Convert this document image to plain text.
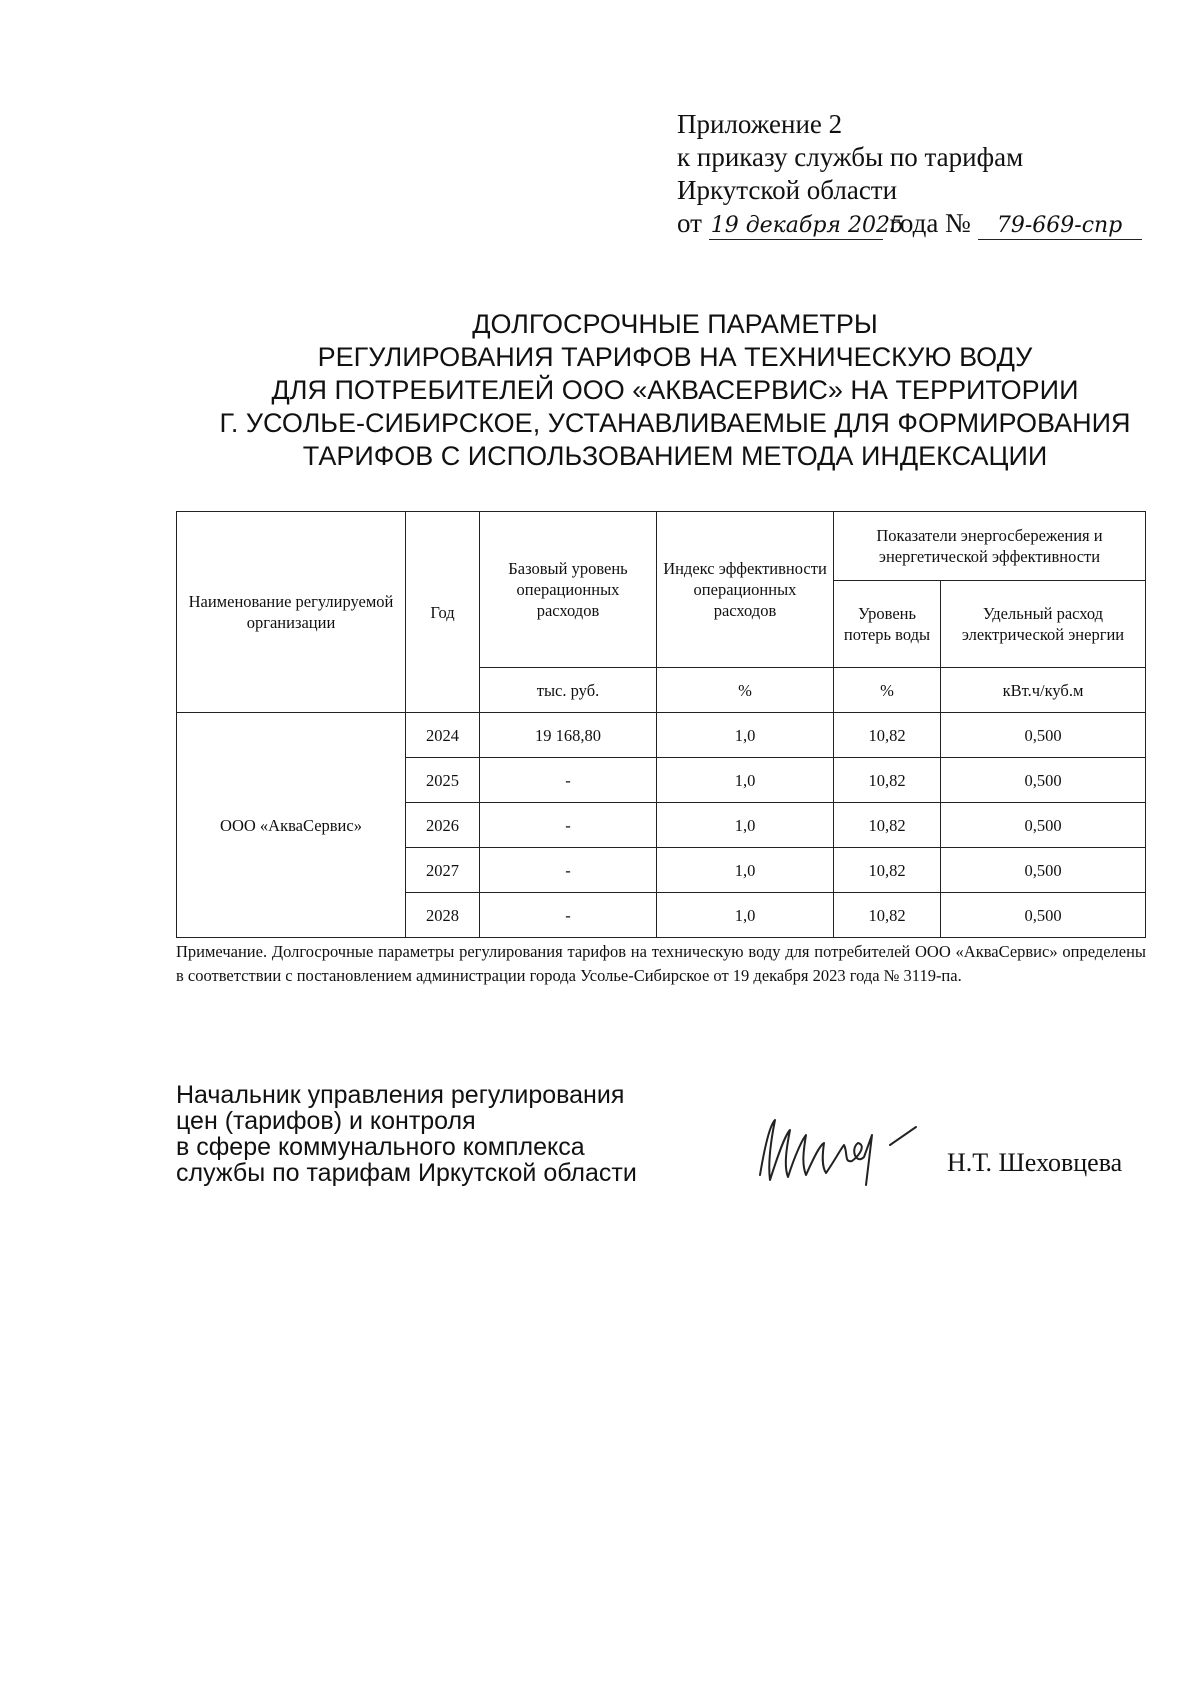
Приложение 2
к приказу службы по тарифам
Иркутской области
от 19 декабря 2025 года № 79-669-спр
ДОЛГОСРОЧНЫЕ ПАРАМЕТРЫ
РЕГУЛИРОВАНИЯ ТАРИФОВ НА ТЕХНИЧЕСКУЮ ВОДУ
ДЛЯ ПОТРЕБИТЕЛЕЙ ООО «АКВАСЕРВИС» НА ТЕРРИТОРИИ
Г. УСОЛЬЕ-СИБИРСКОЕ, УСТАНАВЛИВАЕМЫЕ ДЛЯ ФОРМИРОВАНИЯ
ТАРИФОВ С ИСПОЛЬЗОВАНИЕМ МЕТОДА ИНДЕКСАЦИИ
Наименование регулируемой организации	Год	Базовый уровень операционных расходов	Индекс эффективности операционных расходов	Показатели энергосбережения и энергетической эффективности	
				Уровень потерь воды	Удельный расход электрической энергии
		тыс. руб.	%	%	кВт.ч/куб.м
ООО «АкваСервис»	2024	19 168,80	1,0	10,82	0,500
	2025	-	1,0	10,82	0,500
	2026	-	1,0	10,82	0,500
	2027	-	1,0	10,82	0,500
	2028	-	1,0	10,82	0,500
Примечание. Долгосрочные параметры регулирования тарифов на техническую воду для потребителей ООО «АкваСервис» определены в соответствии с постановлением администрации города Усолье-Сибирское от 19 декабря 2023 года № 3119-па.
Начальник управления регулирования
цен (тарифов) и контроля
в сфере коммунального комплекса
службы по тарифам Иркутской области	Н.Т. Шеховцева
